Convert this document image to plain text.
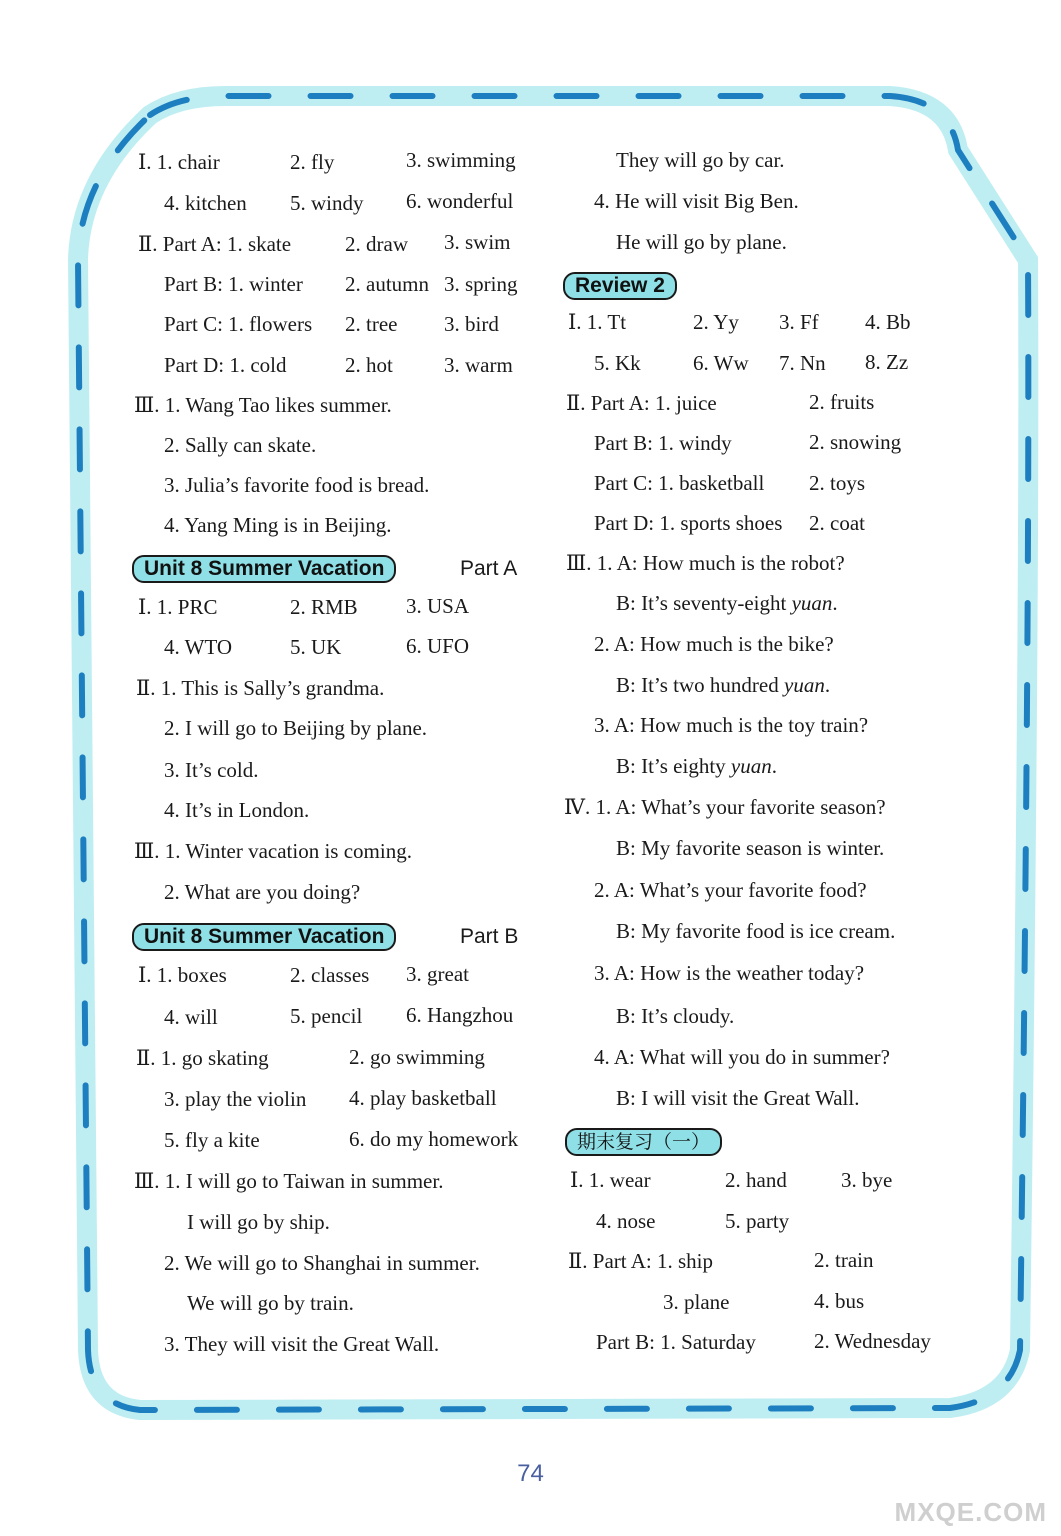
Ⅰ. 1. chair	2. fly	3. swimming
4. kitchen 5. windy 6. wonderful
Ⅱ. Part A: 1. skate	2. draw 3. swim
Part B: 1. winter 2. autumn 3. spring
Part C: 1. flowers 2. tree 3. bird
Part D: 1. cold	2. hot 3. warm
Ⅲ. 1. Wang Tao likes summer.
2. Sally can skate.
3. Julia’s favorite food is bread.
4. Yang Ming is in Beijing.
Unit 8 Summer Vacation	Part A
Ⅰ. 1. PRC	2. RMB 3. USA
4. WTO	5. UK	6. UFO
Ⅱ. 1. This is Sally’s grandma.
2. I will go to Beijing by plane.
3. It’s cold.
4. It’s in London.
Ⅲ. 1. Winter vacation is coming.
2. What are you doing?
Unit 8 Summer Vacation	Part B
Ⅰ. 1. boxes	2. classes 3. great
4. will	5. pencil 6. Hangzhou
Ⅱ. 1. go skating	2. go swimming
3. play the violin 4. play basketball
5. fly a kite	6. do my homework
Ⅲ. 1. I will go to Taiwan in summer.
I will go by ship.
2. We will go to Shanghai in summer.
We will go by train.
3. They will visit the Great Wall.
They will go by car.
4. He will visit Big Ben.
He will go by plane.
Review 2
Ⅰ. 1. Tt	2. Yy 3. Ff 4. Bb
5. Kk 6. Ww 7. Nn 8. Zz
Ⅱ. Part A: 1. juice	2. fruits
Part B: 1. windy	2. snowing
Part C: 1. basketball 2. toys
Part D: 1. sports shoes 2. coat
Ⅲ. 1. A: How much is the robot?
B: It’s seventy-eight yuan.
2. A: How much is the bike?
B: It’s two hundred yuan.
3. A: How much is the toy train?
B: It’s eighty yuan.
Ⅳ. 1. A: What’s your favorite season?
B: My favorite season is winter.
2. A: What’s your favorite food?
B: My favorite food is ice cream.
3. A: How is the weather today?
B: It’s cloudy.
4. A: What will you do in summer?
B: I will visit the Great Wall.
期末复习（一）
Ⅰ. 1. wear	2. hand	3. bye
4. nose	5. party
Ⅱ. Part A: 1. ship	2. train
3. plane	4. bus
Part B: 1. Saturday	2. Wednesday
74
MXQE.COM
